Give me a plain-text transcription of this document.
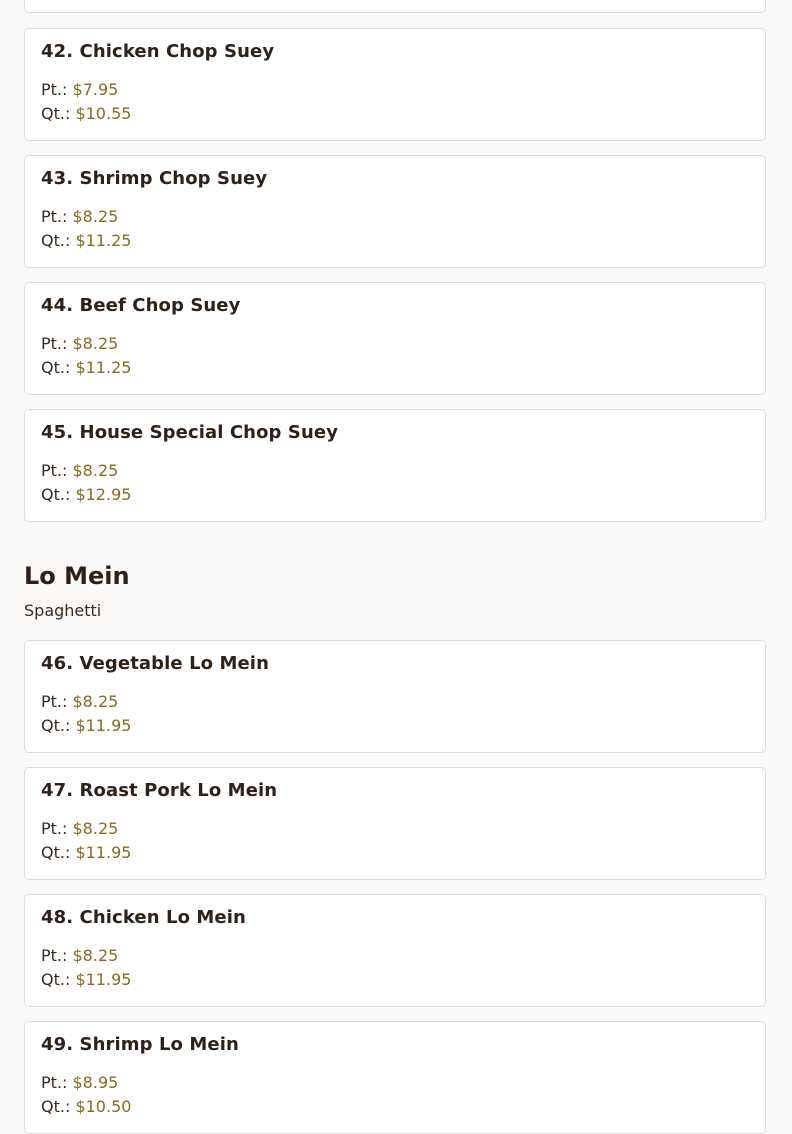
42. Chicken Chop Suey
Pt.: $7.95
Qt.: $10.55
43. Shrimp Chop Suey
Pt.: $8.25
Qt.: $11.25
44. Beef Chop Suey
Pt.: $8.25
Qt.: $11.25
45. House Special Chop Suey
Pt.: $8.25
Qt.: $12.95
Lo Mein
Spaghetti
46. Vegetable Lo Mein
Pt.: $8.25
Qt.: $11.95
47. Roast Pork Lo Mein
Pt.: $8.25
Qt.: $11.95
48. Chicken Lo Mein
Pt.: $8.25
Qt.: $11.95
49. Shrimp Lo Mein
Pt.: $8.95
Qt.: $10.50
